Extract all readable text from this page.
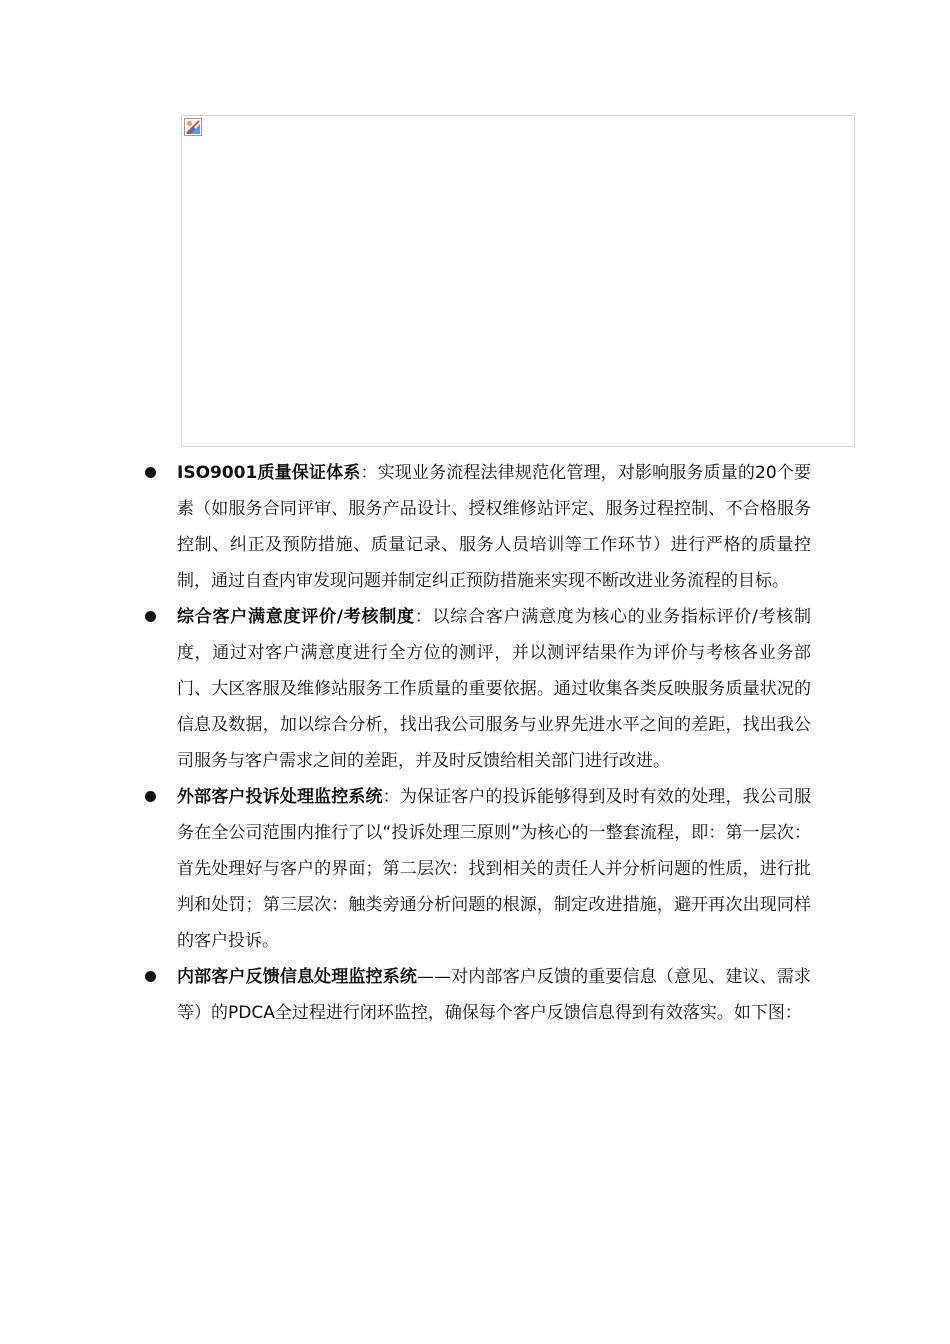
ISO9001质量保证体系：实现业务流程法律规范化管理，对影响服务质量的20个要素（如服务合同评审、服务产品设计、授权维修站评定、服务过程控制、不合格服务控制、纠正及预防措施、质量记录、服务人员培训等工作环节）进行严格的质量控制，通过自查内审发现问题并制定纠正预防措施来实现不断改进业务流程的目标。
综合客户满意度评价/考核制度：以综合客户满意度为核心的业务指标评价/考核制度，通过对客户满意度进行全方位的测评，并以测评结果作为评价与考核各业务部门、大区客服及维修站服务工作质量的重要依据。通过收集各类反映服务质量状况的信息及数据，加以综合分析，找出我公司服务与业界先进水平之间的差距，找出我公司服务与客户需求之间的差距，并及时反馈给相关部门进行改进。
外部客户投诉处理监控系统：为保证客户的投诉能够得到及时有效的处理，我公司服务在全公司范围内推行了以“投诉处理三原则”为核心的一整套流程，即：第一层次：首先处理好与客户的界面；第二层次：找到相关的责任人并分析问题的性质，进行批判和处罚；第三层次：触类旁通分析问题的根源，制定改进措施，避开再次出现同样的客户投诉。
内部客户反馈信息处理监控系统——对内部客户反馈的重要信息（意见、建议、需求等）的PDCA全过程进行闭环监控，确保每个客户反馈信息得到有效落实。如下图：
